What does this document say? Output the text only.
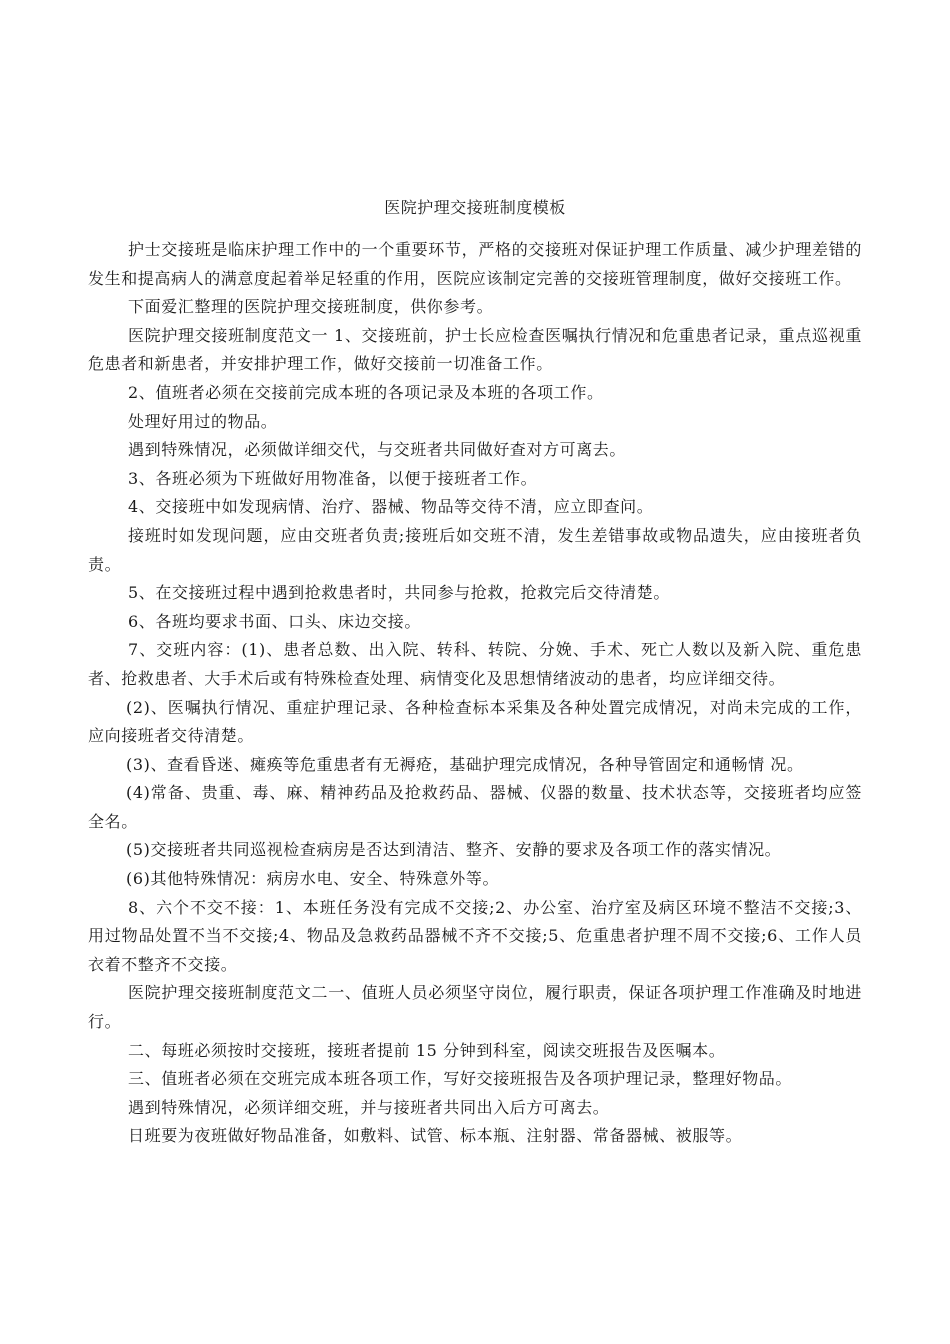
医院护理交接班制度模板

护士交接班是临床护理工作中的一个重要环节，严格的交接班对保证护理工作质量、减少护理差错的发生和提高病人的满意度起着举足轻重的作用，医院应该制定完善的交接班管理制度，做好交接班工作。

下面爱汇整理的医院护理交接班制度，供你参考。

医院护理交接班制度范文一 1、交接班前，护士长应检查医嘱执行情况和危重患者记录，重点巡视重危患者和新患者，并安排护理工作，做好交接前一切准备工作。

2、值班者必须在交接前完成本班的各项记录及本班的各项工作。

处理好用过的物品。

遇到特殊情况，必须做详细交代，与交班者共同做好查对方可离去。

3、各班必须为下班做好用物准备，以便于接班者工作。

4、交接班中如发现病情、治疗、器械、物品等交待不清，应立即查问。

接班时如发现问题，应由交班者负责;接班后如交班不清，发生差错事故或物品遗失，应由接班者负责。

5、在交接班过程中遇到抢救患者时，共同参与抢救，抢救完后交待清楚。

6、各班均要求书面、口头、床边交接。

7、交班内容：(1)、患者总数、出入院、转科、转院、分娩、手术、死亡人数以及新入院、重危患者、抢救患者、大手术后或有特殊检查处理、病情变化及思想情绪波动的患者，均应详细交待。

(2)、医嘱执行情况、重症护理记录、各种检查标本采集及各种处置完成情况，对尚未完成的工作，应向接班者交待清楚。

(3)、查看昏迷、瘫痪等危重患者有无褥疮，基础护理完成情况，各种导管固定和通畅情 况。

(4)常备、贵重、毒、麻、精神药品及抢救药品、器械、仪器的数量、技术状态等，交接班者均应签全名。

(5)交接班者共同巡视检查病房是否达到清洁、整齐、安静的要求及各项工作的落实情况。

(6)其他特殊情况：病房水电、安全、特殊意外等。

8、六个不交不接：1、本班任务没有完成不交接;2、办公室、治疗室及病区环境不整洁不交接;3、用过物品处置不当不交接;4、物品及急救药品器械不齐不交接;5、危重患者护理不周不交接;6、工作人员衣着不整齐不交接。

医院护理交接班制度范文二一、值班人员必须坚守岗位，履行职责，保证各项护理工作准确及时地进行。

二、每班必须按时交接班，接班者提前 15 分钟到科室，阅读交班报告及医嘱本。

三、值班者必须在交班完成本班各项工作，写好交接班报告及各项护理记录，整理好物品。

遇到特殊情况，必须详细交班，并与接班者共同出入后方可离去。

日班要为夜班做好物品准备，如敷料、试管、标本瓶、注射器、常备器械、被服等。
